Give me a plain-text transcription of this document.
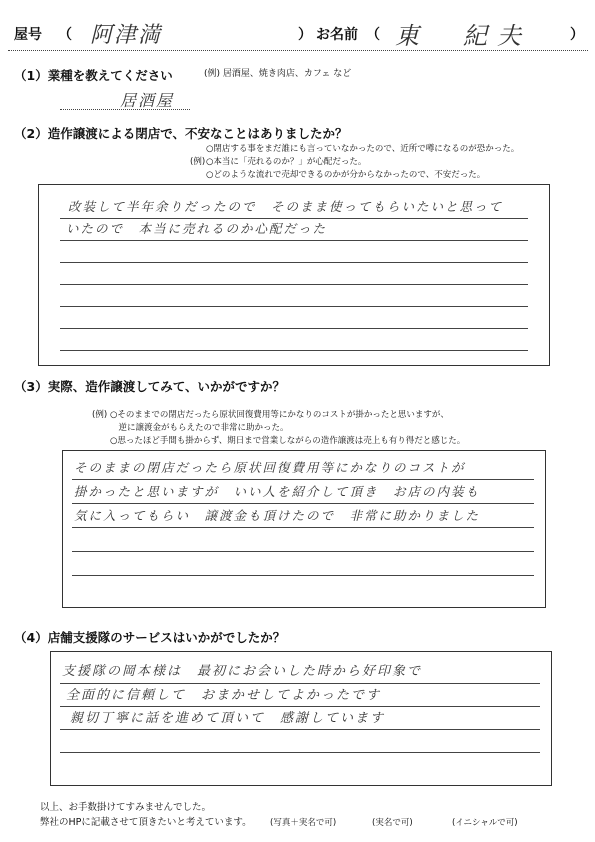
屋号 （ 阿津満	） お名前 （ 東　紀夫	）
（1）業種を教えてください	(例) 居酒屋、焼き肉店、カフェ など
居酒屋
（2）造作譲渡による閉店で、不安なことはありましたか？
(例)
○閉店する事をまだ誰にも言っていなかったので、近所で噂になるのが恐かった。
○本当に「売れるのか？」が心配だった。
○どのような流れで売却できるのかが分からなかったので、不安だった。
改装して半年余りだったので　そのまま使ってもらいたいと思って
いたので　本当に売れるのか心配だった
（3）実際、造作譲渡してみて、いかがですか？
(例) ○そのままでの閉店だったら原状回復費用等にかなりのコストが掛かったと思いますが、
　逆に譲渡金がもらえたので非常に助かった。
○思ったほど手間も掛からず、期日まで営業しながらの造作譲渡は売上も有り得だと感じた。
そのままの閉店だったら原状回復費用等にかなりのコストが
掛かったと思いますが　いい人を紹介して頂き　お店の内装も
気に入ってもらい　譲渡金も頂けたので　非常に助かりました
（4）店舗支援隊のサービスはいかがでしたか？
支援隊の岡本様は　最初にお会いした時から好印象で
全面的に信頼して　おまかせしてよかったです
親切丁寧に話を進めて頂いて　感謝しています
以上、お手数掛けてすみませんでした。
弊社のHPに記載させて頂きたいと考えています。 (写真＋実名で可)	(実名で可)	(イニシャルで可)
